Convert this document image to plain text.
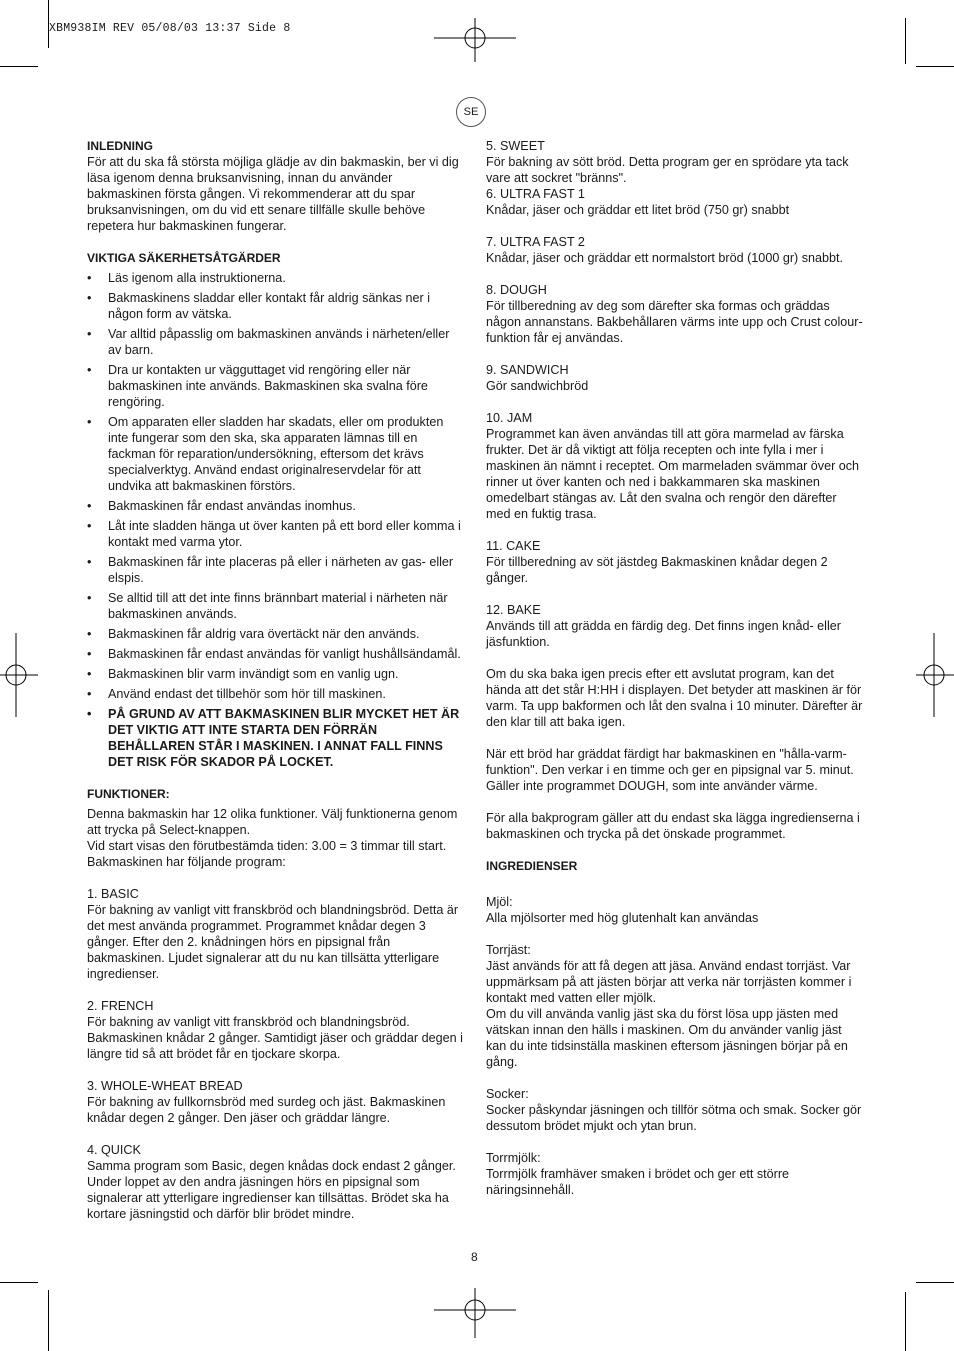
XBM938IM REV 05/08/03 13:37 Side 8
SE

INLEDNING

För att du ska få största möjliga glädje av din bakmaskin, ber vi dig läsa igenom denna bruksanvisning, innan du använder bakmaskinen första gången. Vi rekommenderar att du spar bruksanvisningen, om du vid ett senare tillfälle skulle behöve repetera hur bakmaskinen fungerar.

VIKTIGA SÄKERHETSÅTGÄRDER

• Läs igenom alla instruktionerna.
• Bakmaskinens sladdar eller kontakt får aldrig sänkas ner i någon form av vätska.
• Var alltid påpasslig om bakmaskinen används i närheten/eller av barn.
• Dra ur kontakten ur vägguttaget vid rengöring eller när bakmaskinen inte används. Bakmaskinen ska svalna före rengöring.
• Om apparaten eller sladden har skadats, eller om produkten inte fungerar som den ska, ska apparaten lämnas till en fackman för reparation/undersökning, eftersom det krävs specialverktyg. Använd endast originalreservdelar för att undvika att bakmaskinen förstörs.
• Bakmaskinen får endast användas inomhus.
• Låt inte sladden hänga ut över kanten på ett bord eller komma i kontakt med varma ytor.
• Bakmaskinen får inte placeras på eller i närheten av gas- eller elspis.
• Se alltid till att det inte finns brännbart material i närheten när bakmaskinen används.
• Bakmaskinen får aldrig vara övertäckt när den används.
• Bakmaskinen får endast användas för vanligt hushållsändamål.
• Bakmaskinen blir varm invändigt som en vanlig ugn.
• Använd endast det tillbehör som hör till maskinen.
• PÅ GRUND AV ATT BAKMASKINEN BLIR MYCKET HET ÄR DET VIKTIG ATT INTE STARTA DEN FÖRRÄN BEHÅLLAREN STÅR I MASKINEN. I ANNAT FALL FINNS DET RISK FÖR SKADOR PÅ LOCKET.

FUNKTIONER:

Denna bakmaskin har 12 olika funktioner. Välj funktionerna genom att trycka på Select-knappen.

Vid start visas den förutbestämda tiden: 3.00 = 3 timmar till start. Bakmaskinen har följande program:

1. BASIC

För bakning av vanligt vitt franskbröd och blandningsbröd. Detta är det mest använda programmet. Programmet knådar degen 3 gånger. Efter den 2. knådningen hörs en pipsignal från bakmaskinen. Ljudet signalerar att du nu kan tillsätta ytterligare ingredienser.

2. FRENCH

För bakning av vanligt vitt franskbröd och blandningsbröd. Bakmaskinen knådar 2 gånger. Samtidigt jäser och gräddar degen i längre tid så att brödet får en tjockare skorpa.

3. WHOLE-WHEAT BREAD

För bakning av fullkornsbröd med surdeg och jäst. Bakmaskinen knådar degen 2 gånger. Den jäser och gräddar längre.

4. QUICK

Samma program som Basic, degen knådas dock endast 2 gånger. Under loppet av den andra jäsningen hörs en pipsignal som signalerar att ytterligare ingredienser kan tillsättas. Brödet ska ha kortare jäsningstid och därför blir brödet mindre.

5. SWEET

För bakning av sött bröd. Detta program ger en sprödare yta tack vare att sockret "bränns".

6. ULTRA FAST 1

Knådar, jäser och gräddar ett litet bröd (750 gr) snabbt

7. ULTRA FAST 2

Knådar, jäser och gräddar ett normalstort bröd (1000 gr) snabbt.

8. DOUGH

För tillberedning av deg som därefter ska formas och gräddas någon annanstans. Bakbehållaren värms inte upp och Crust colour-funktion får ej användas.

9. SANDWICH

Gör sandwichbröd

10. JAM

Programmet kan även användas till att göra marmelad av färska frukter. Det är då viktigt att följa recepten och inte fylla i mer i maskinen än nämnt i receptet. Om marmeladen svämmar över och rinner ut över kanten och ned i bakkammaren ska maskinen omedelbart stängas av. Låt den svalna och rengör den därefter med en fuktig trasa.

11. CAKE

För tillberedning av söt jästdeg Bakmaskinen knådar degen 2 gånger.

12. BAKE

Används till att grädda en färdig deg. Det finns ingen knåd- eller jäsfunktion.

Om du ska baka igen precis efter ett avslutat program, kan det hända att det står H:HH i displayen. Det betyder att maskinen är för varm. Ta upp bakformen och låt den svalna i 10 minuter. Därefter är den klar till att baka igen.

När ett bröd har gräddat färdigt har bakmaskinen en "hålla-varm-funktion". Den verkar i en timme och ger en pipsignal var 5. minut. Gäller inte programmet DOUGH, som inte använder värme.

För alla bakprogram gäller att du endast ska lägga ingredienserna i bakmaskinen och trycka på det önskade programmet.

INGREDIENSER

Mjöl:

Alla mjölsorter med hög glutenhalt kan användas

Torrjäst:

Jäst används för att få degen att jäsa. Använd endast torrjäst. Var uppmärksam på att jästen börjar att verka när torrjästen kommer i kontakt med vatten eller mjölk.

Om du vill använda vanlig jäst ska du först lösa upp jästen med vätskan innan den hälls i maskinen. Om du använder vanlig jäst kan du inte tidsinställa maskinen eftersom jäsningen börjar på en gång.

Socker:

Socker påskyndar jäsningen och tillför sötma och smak. Socker gör dessutom brödet mjukt och ytan brun.

Torrmjölk:

Torrmjölk framhäver smaken i brödet och ger ett större näringsinnehåll.

8
